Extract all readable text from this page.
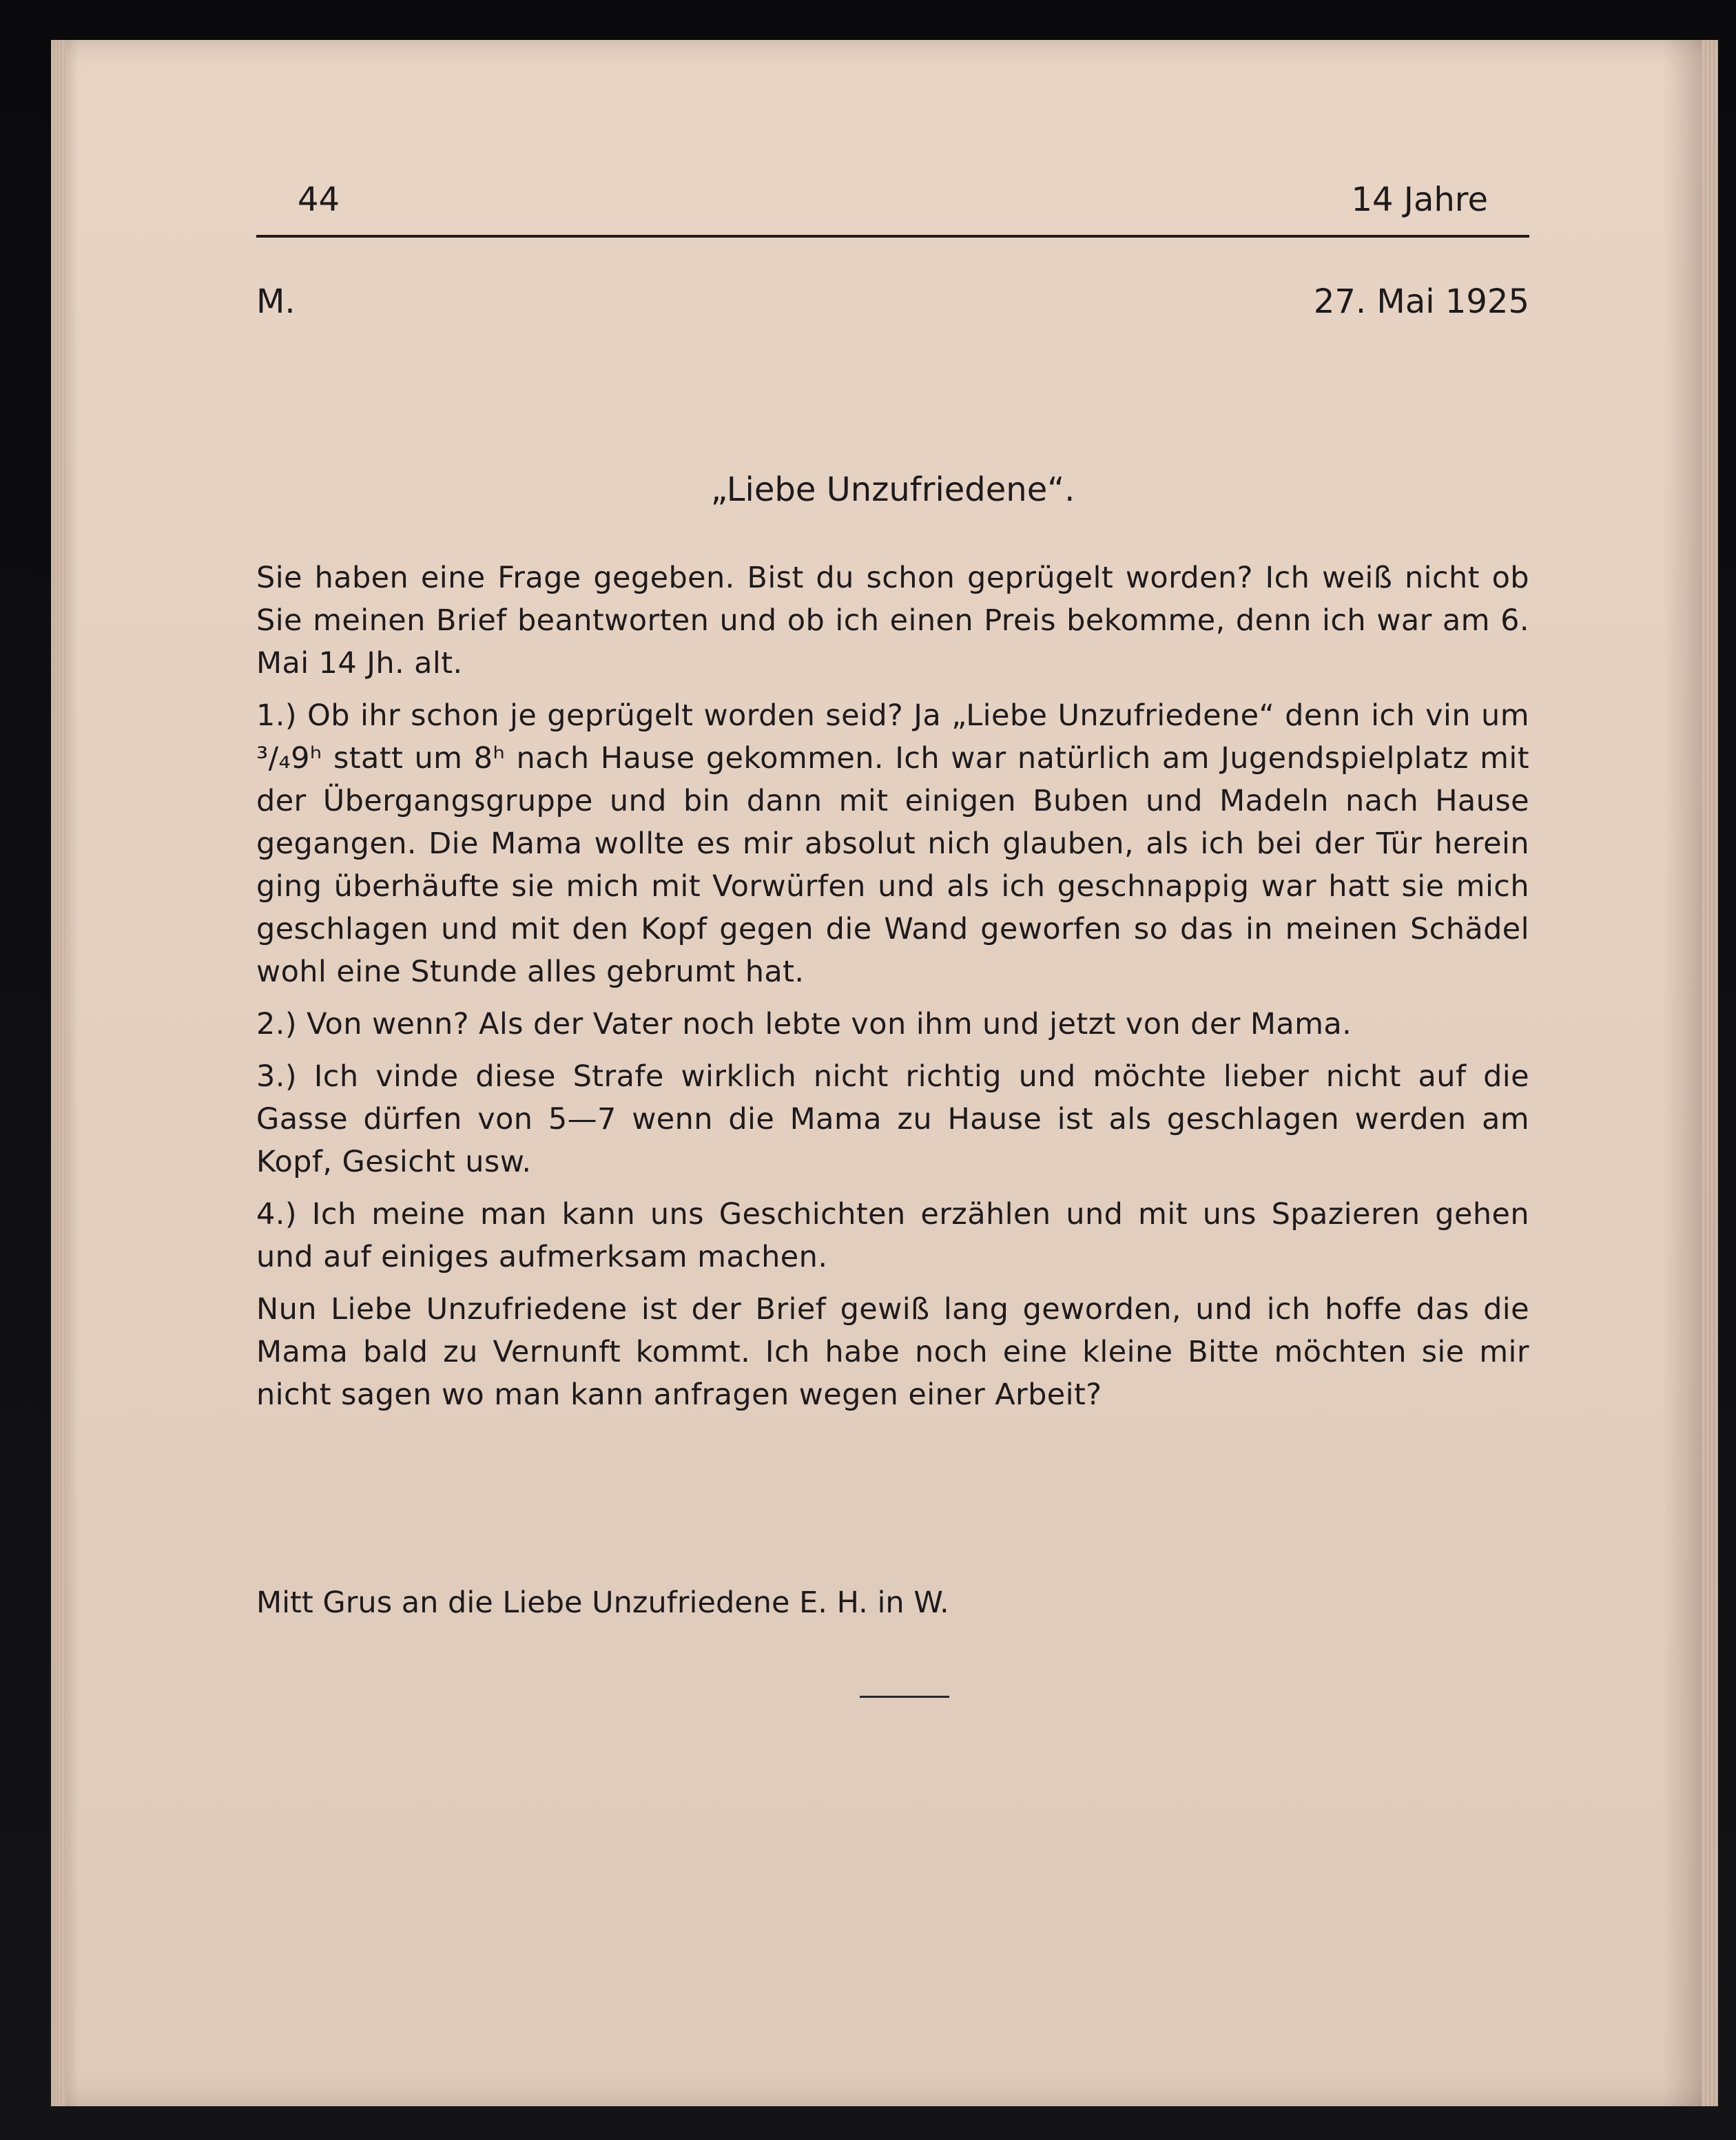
44	14 Jahre
M.	27. Mai 1925
„Liebe Unzufriedene“.

Sie haben eine Frage gegeben. Bist du schon geprügelt worden? Ich weiß nicht ob Sie meinen Brief beantworten und ob ich einen Preis bekomme, denn ich war am 6. Mai 14 Jh. alt.

1.) Ob ihr schon je geprügelt worden seid? Ja „Liebe Unzufriedene“ denn ich vin um ³/₄9ʰ statt um 8ʰ nach Hause gekommen. Ich war natürlich am Jugendspielplatz mit der Übergangsgruppe und bin dann mit einigen Buben und Madeln nach Hause gegangen. Die Mama wollte es mir absolut nich glauben, als ich bei der Tür herein ging überhäufte sie mich mit Vorwürfen und als ich geschnappig war hatt sie mich geschlagen und mit den Kopf gegen die Wand geworfen so das in meinen Schädel wohl eine Stunde alles gebrumt hat.

2.) Von wenn? Als der Vater noch lebte von ihm und jetzt von der Mama.

3.) Ich vinde diese Strafe wirklich nicht richtig und möchte lieber nicht auf die Gasse dürfen von 5—7 wenn die Mama zu Hause ist als geschlagen werden am Kopf, Gesicht usw.

4.) Ich meine man kann uns Geschichten erzählen und mit uns Spazieren gehen und auf einiges aufmerksam machen.

Nun Liebe Unzufriedene ist der Brief gewiß lang geworden, und ich hoffe das die Mama bald zu Vernunft kommt. Ich habe noch eine kleine Bitte möchten sie mir nicht sagen wo man kann anfragen wegen einer Arbeit?

Mitt Grus an die Liebe Unzufriedene E. H. in W.
